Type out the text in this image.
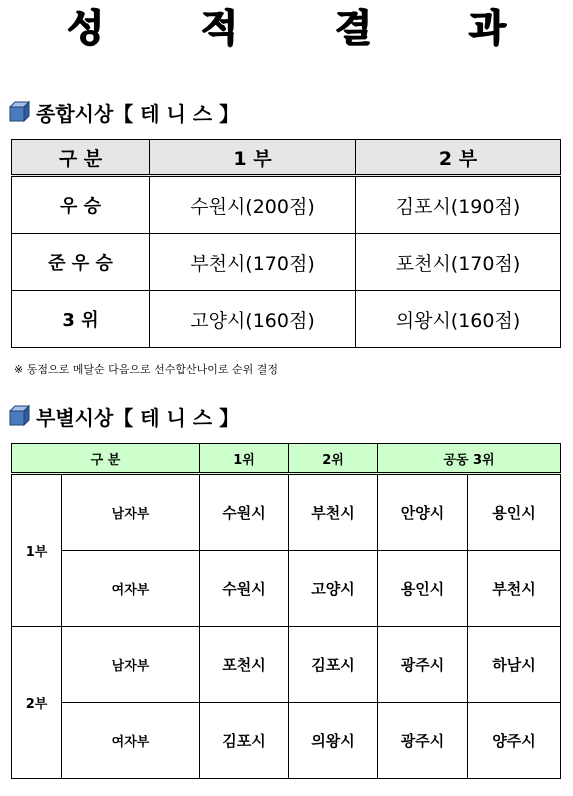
성 적 결 과
종합시상【 테 니 스 】
구 분	1 부	2 부
우 승	수원시(200점)	김포시(190점)
준 우 승	부천시(170점)	포천시(170점)
3 위	고양시(160점)	의왕시(160점)
※ 동점으로 메달순 다음으로 선수합산나이로 순위 결정
부별시상【 테 니 스 】
구 분		1위	2위	공동 3위	
1부	남자부	수원시	부천시	안양시	용인시
	여자부	수원시	고양시	용인시	부천시
2부	남자부	포천시	김포시	광주시	하남시
	여자부	김포시	의왕시	광주시	양주시
